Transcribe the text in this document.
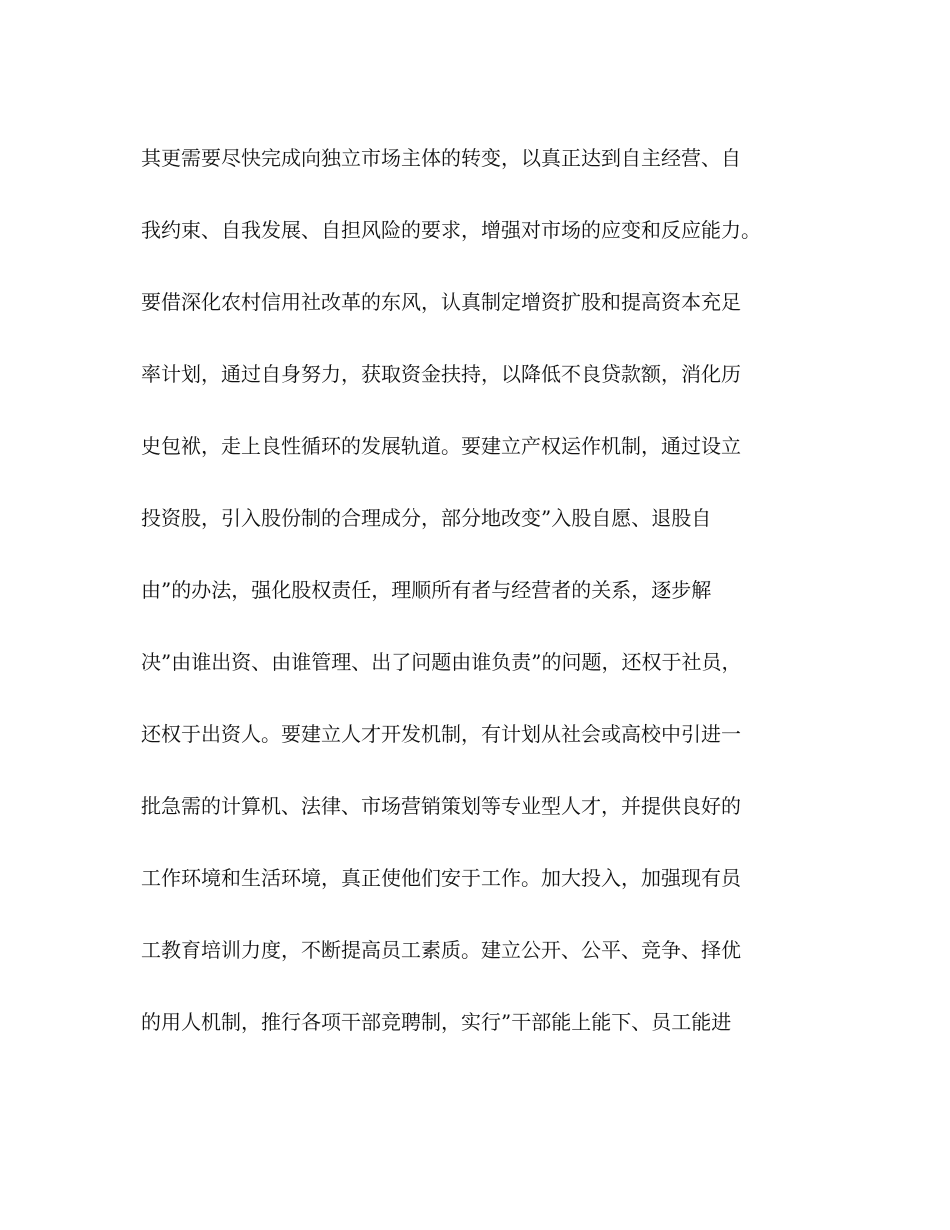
其更需要尽快完成向独立市场主体的转变，以真正达到自主经营、自
我约束、自我发展、自担风险的要求，增强对市场的应变和反应能力。
要借深化农村信用社改革的东风，认真制定增资扩股和提高资本充足
率计划，通过自身努力，获取资金扶持，以降低不良贷款额，消化历
史包袱，走上良性循环的发展轨道。要建立产权运作机制，通过设立
投资股，引入股份制的合理成分，部分地改变”入股自愿、退股自
由”的办法，强化股权责任，理顺所有者与经营者的关系，逐步解
决”由谁出资、由谁管理、出了问题由谁负责”的问题，还权于社员，
还权于出资人。要建立人才开发机制，有计划从社会或高校中引进一
批急需的计算机、法律、市场营销策划等专业型人才，并提供良好的
工作环境和生活环境，真正使他们安于工作。加大投入，加强现有员
工教育培训力度，不断提高员工素质。建立公开、公平、竞争、择优
的用人机制，推行各项干部竞聘制，实行”干部能上能下、员工能进
